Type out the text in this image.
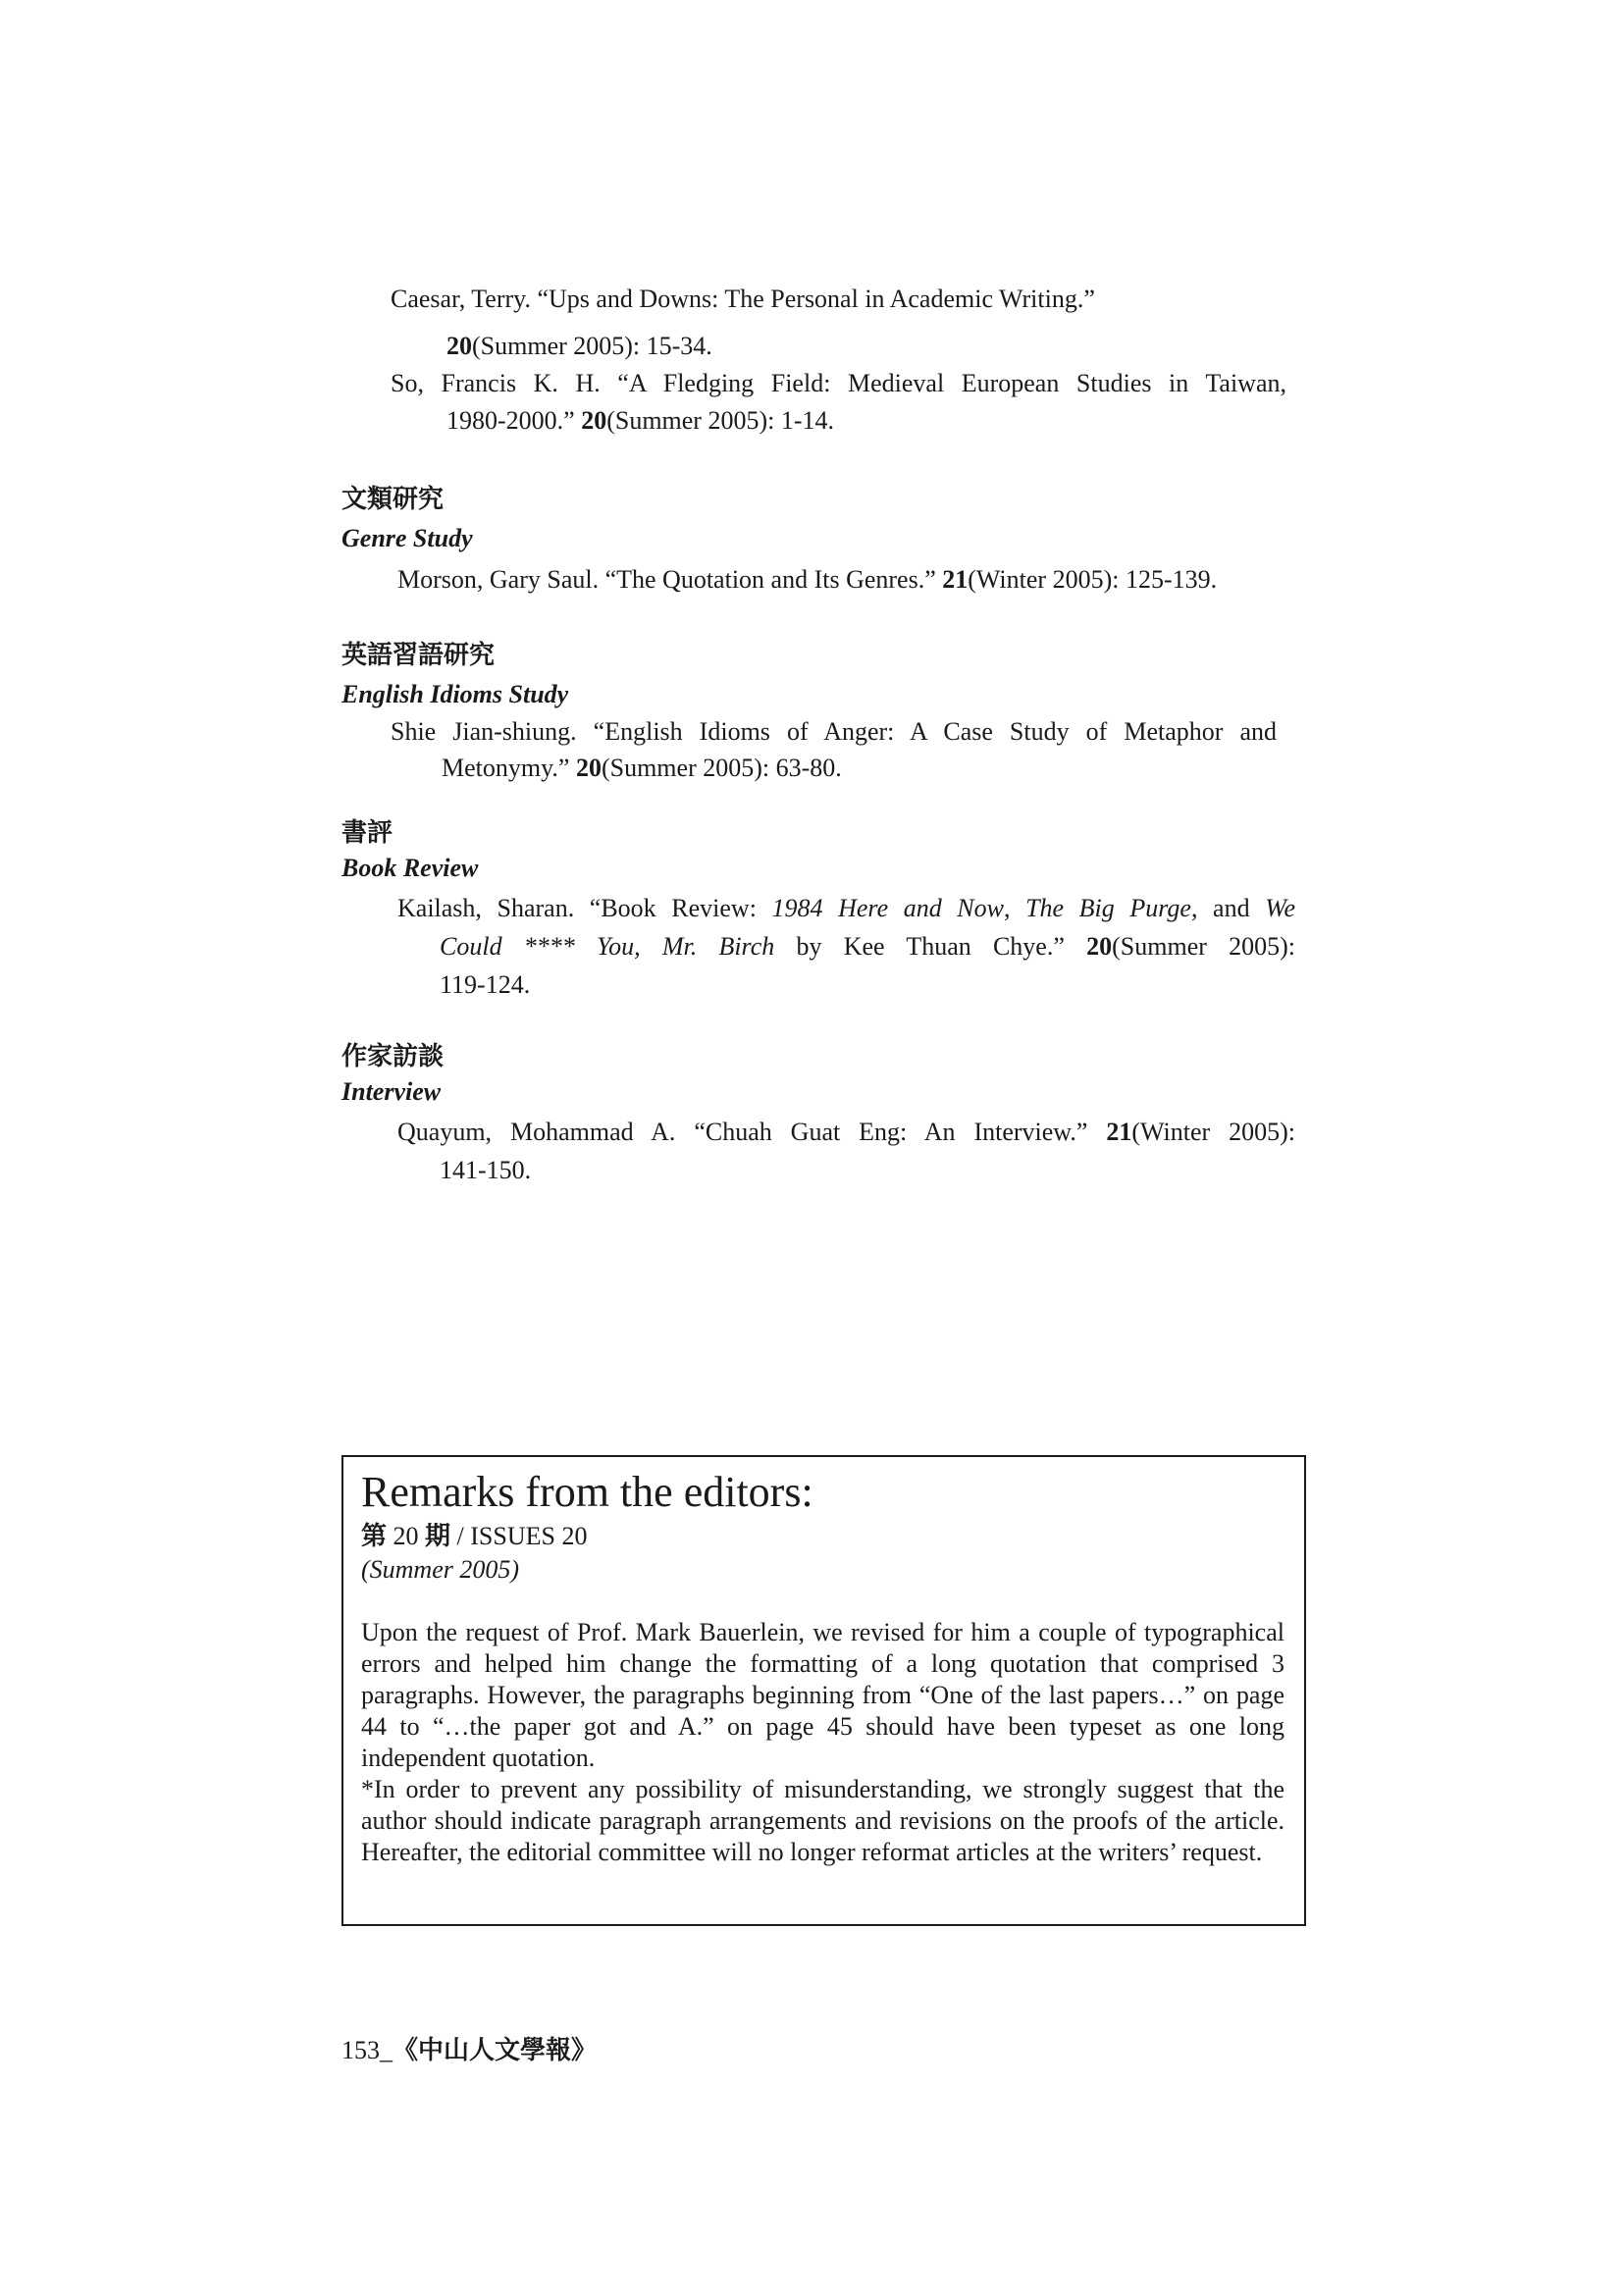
Caesar, Terry. “Ups and Downs: The Personal in Academic Writing.”
20(Summer 2005): 15-34.
So, Francis K. H. “A Fledging Field: Medieval European Studies in Taiwan,
1980-2000.” 20(Summer 2005): 1-14.
文類研究
Genre Study
Morson, Gary Saul. “The Quotation and Its Genres.” 21(Winter 2005): 125-139.
英語習語研究
English Idioms Study
Shie Jian-shiung. “English Idioms of Anger: A Case Study of Metaphor and
Metonymy.” 20(Summer 2005): 63-80.
書評
Book Review
Kailash, Sharan. “Book Review: 1984 Here and Now, The Big Purge, and We
Could **** You, Mr. Birch by Kee Thuan Chye.” 20(Summer 2005):
119-124.
作家訪談
Interview
Quayum, Mohammad A. “Chuah Guat Eng: An Interview.” 21(Winter 2005):
141-150.
Remarks from the editors:
第 20 期 / ISSUES 20
(Summer 2005)
Upon the request of Prof. Mark Bauerlein, we revised for him a couple of typographical errors and helped him change the formatting of a long quotation that comprised 3 paragraphs. However, the paragraphs beginning from “One of the last papers…” on page 44 to “…the paper got and A.” on page 45 should have been typeset as one long independent quotation.
*In order to prevent any possibility of misunderstanding, we strongly suggest that the author should indicate paragraph arrangements and revisions on the proofs of the article. Hereafter, the editorial committee will no longer reformat articles at the writers’ request.
153_《中山人文學報》
